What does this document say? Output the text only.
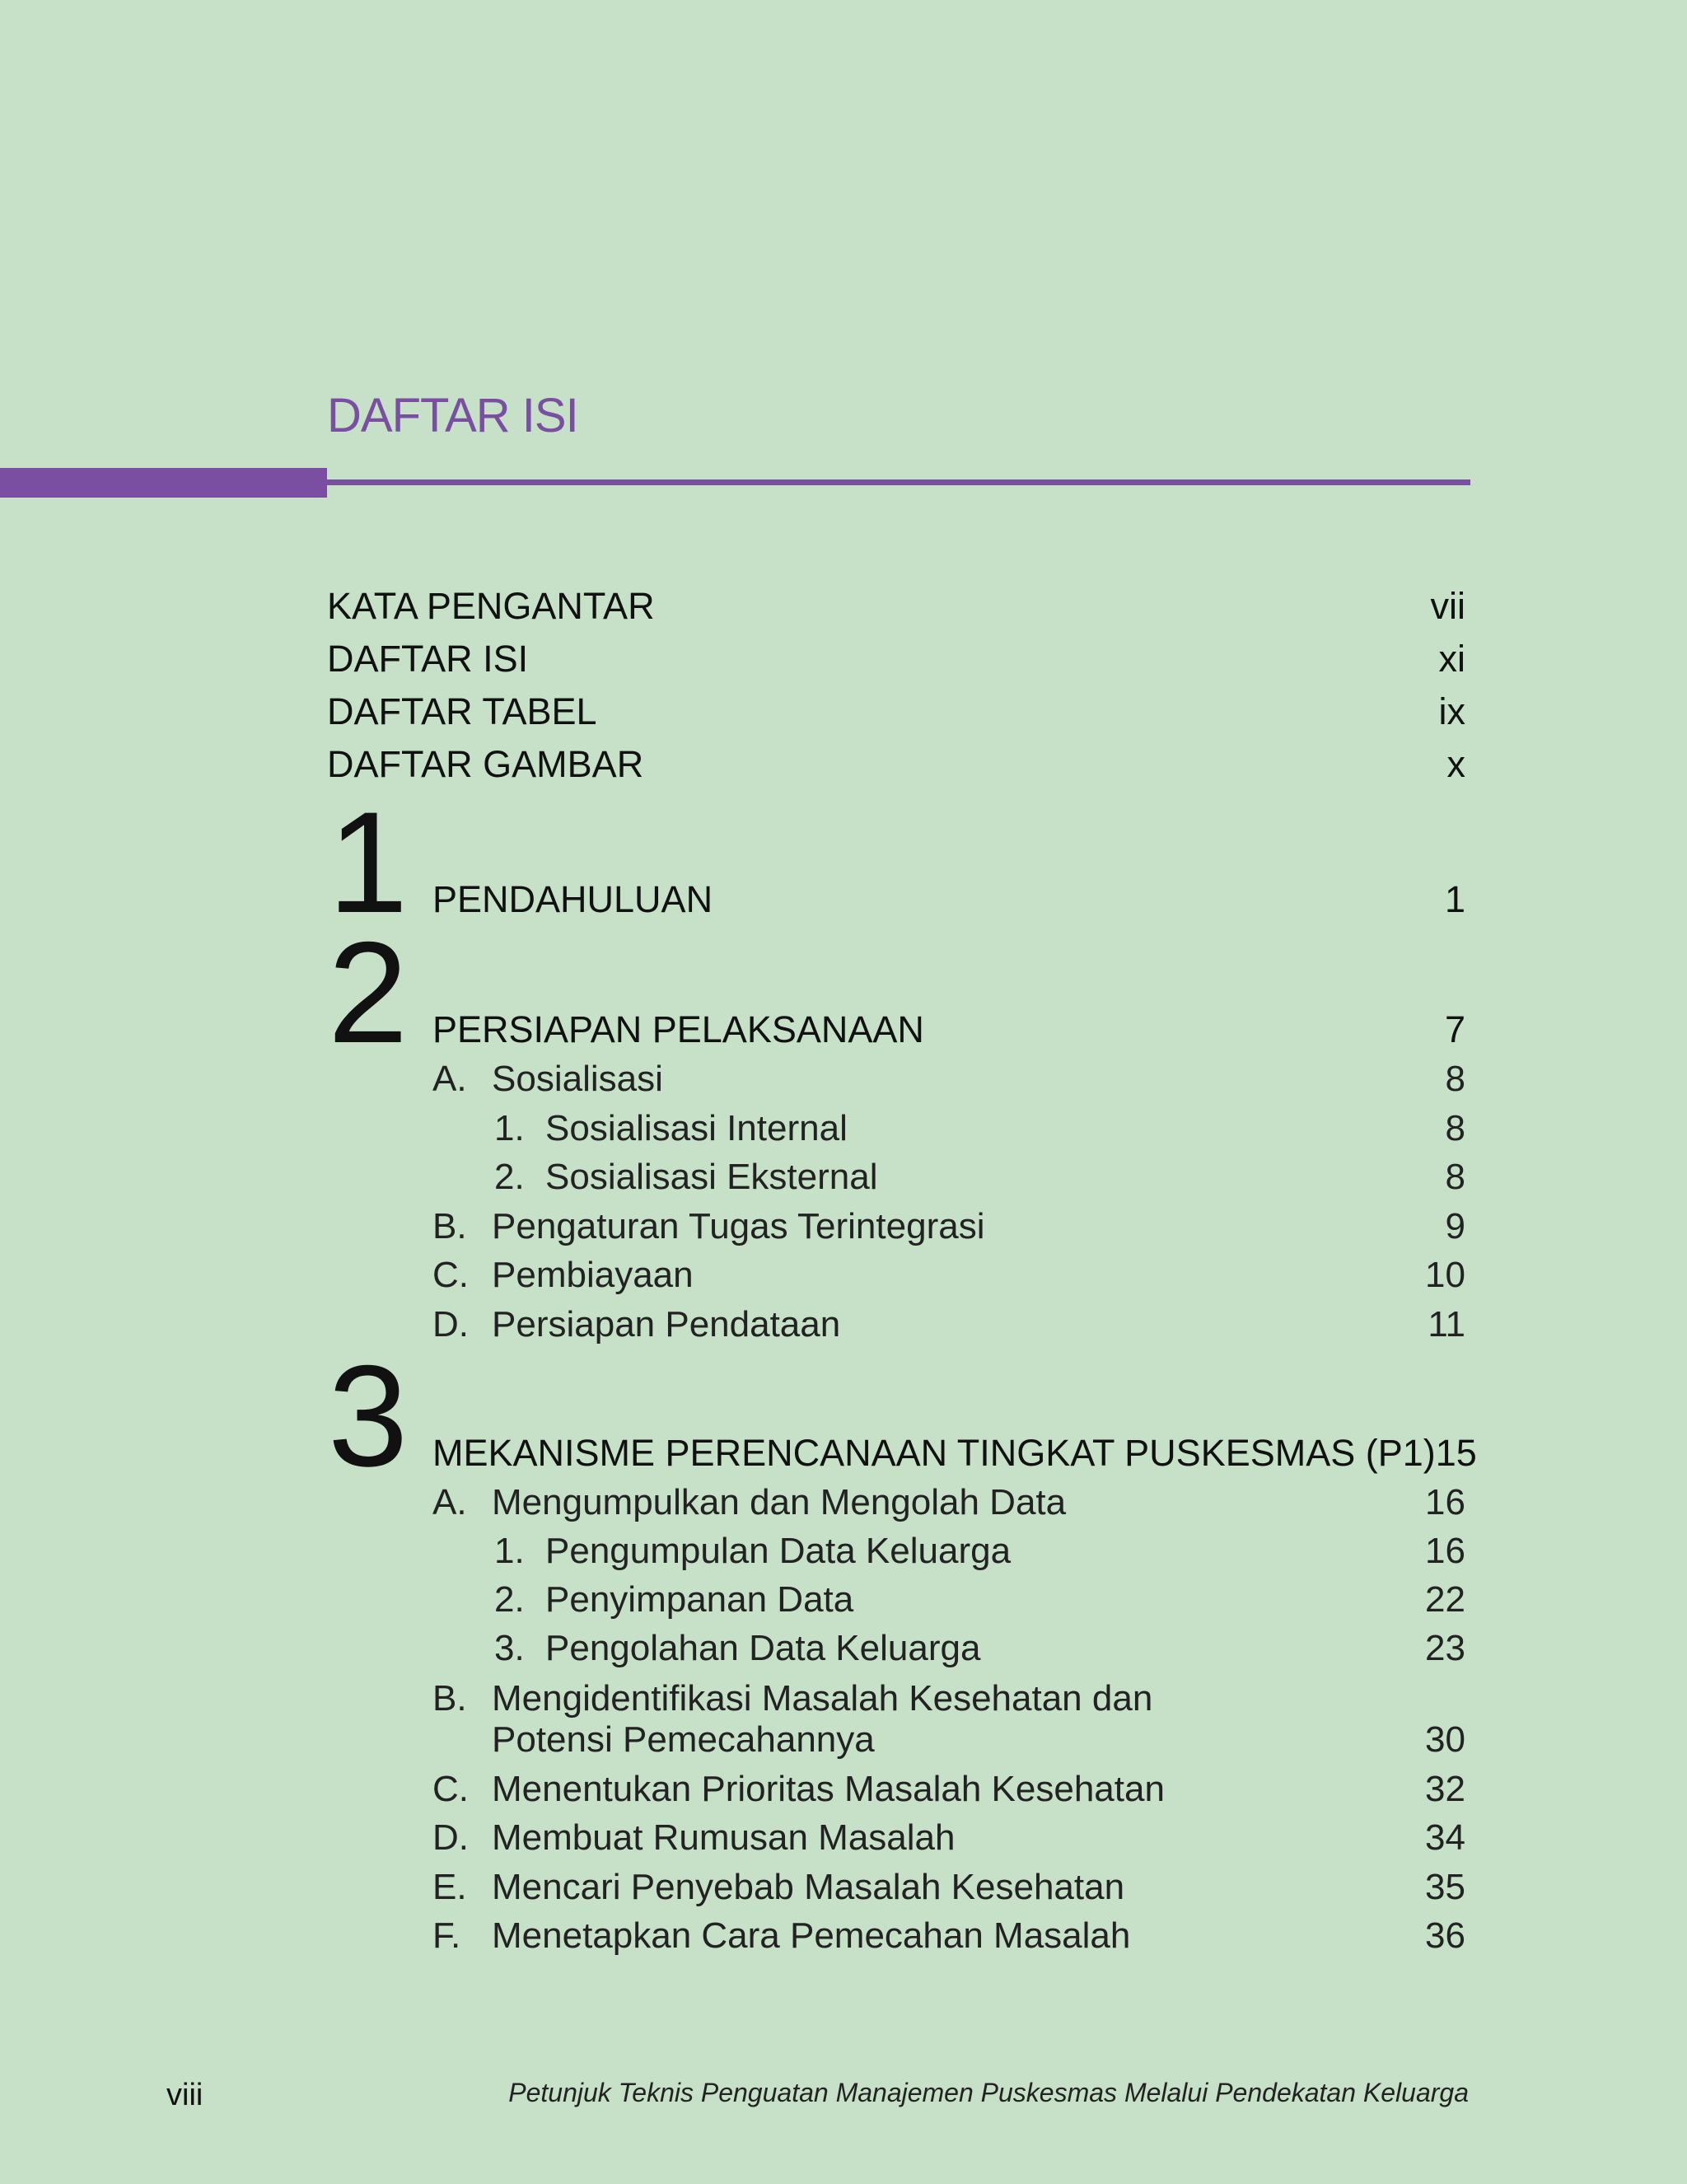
DAFTAR ISI
KATA PENGANTAR	vii
DAFTAR ISI	xi
DAFTAR TABEL	ix
DAFTAR GAMBAR	x
1 PENDAHULUAN	1
2 PERSIAPAN PELAKSANAAN	7
A. Sosialisasi	8
1. Sosialisasi Internal	8
2. Sosialisasi Eksternal	8
B. Pengaturan Tugas Terintegrasi	9
C. Pembiayaan	10
D. Persiapan Pendataan	11
3 MEKANISME PERENCANAAN TINGKAT PUSKESMAS (P1) 15
A. Mengumpulkan dan Mengolah Data	16
1. Pengumpulan Data Keluarga	16
2. Penyimpanan Data	22
3. Pengolahan Data Keluarga	23
B. Mengidentifikasi Masalah Kesehatan dan
Potensi Pemecahannya	30
C. Menentukan Prioritas Masalah Kesehatan	32
D. Membuat Rumusan Masalah	34
E. Mencari Penyebab Masalah Kesehatan	35
F. Menetapkan Cara Pemecahan Masalah	36
viii	Petunjuk Teknis Penguatan Manajemen Puskesmas Melalui Pendekatan Keluarga
